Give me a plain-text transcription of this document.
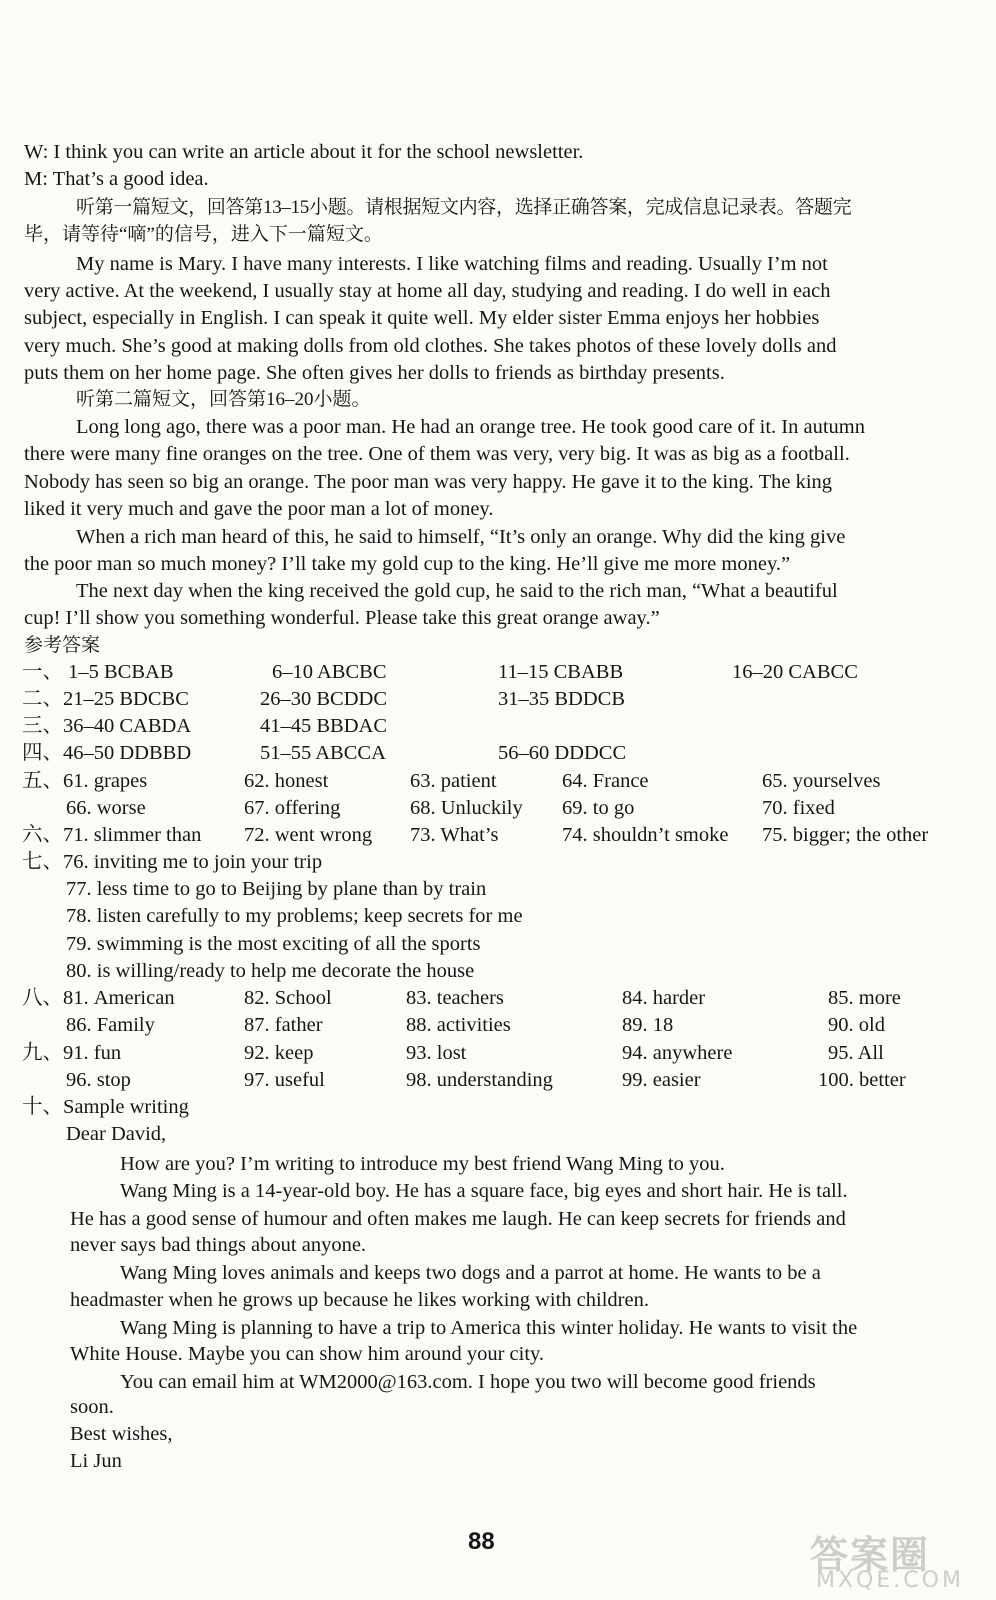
W: I think you can write an article about it for the school newsletter.
M: That’s a good idea.
听第一篇短文，回答第13–15小题。请根据短文内容，选择正确答案，完成信息记录表。答题完
毕，请等待“嘀”的信号，进入下一篇短文。
My name is Mary. I have many interests. I like watching films and reading. Usually I’m not
very active. At the weekend, I usually stay at home all day, studying and reading. I do well in each
subject, especially in English. I can speak it quite well. My elder sister Emma enjoys her hobbies
very much. She’s good at making dolls from old clothes. She takes photos of these lovely dolls and
puts them on her home page. She often gives her dolls to friends as birthday presents.
听第二篇短文，回答第16–20小题。
Long long ago, there was a poor man. He had an orange tree. He took good care of it. In autumn
there were many fine oranges on the tree. One of them was very, very big. It was as big as a football.
Nobody has seen so big an orange. The poor man was very happy. He gave it to the king. The king
liked it very much and gave the poor man a lot of money.
When a rich man heard of this, he said to himself, “It’s only an orange. Why did the king give
the poor man so much money? I’ll take my gold cup to the king. He’ll give me more money.”
The next day when the king received the gold cup, he said to the rich man, “What a beautiful
cup! I’ll show you something wonderful. Please take this great orange away.”
参考答案
一、 1–5 BCBAB	6–10 ABCBC	11–15 CBABB	16–20 CABCC
二、21–25 BDCBC	26–30 BCDDC	31–35 BDDCB
三、36–40 CABDA	41–45 BBDAC
四、46–50 DDBBD	51–55 ABCCA	56–60 DDDCC
五、61. grapes	62. honest	63. patient	64. France	65. yourselves
66. worse	67. offering	68. Unluckily 69. to go	70. fixed
六、71. slimmer than 72. went wrong 73. What’s	74. shouldn’t smoke 75. bigger; the other
七、76. inviting me to join your trip
77. less time to go to Beijing by plane than by train
78. listen carefully to my problems; keep secrets for me
79. swimming is the most exciting of all the sports
80. is willing/ready to help me decorate the house
八、81. American	82. School	83. teachers	84. harder	85. more
86. Family	87. father	88. activities	89. 18	90. old
九、91. fun	92. keep	93. lost	94. anywhere	95. All
96. stop	97. useful	98. understanding	99. easier	100. better
十、Sample writing
Dear David,
How are you? I’m writing to introduce my best friend Wang Ming to you.
Wang Ming is a 14-year-old boy. He has a square face, big eyes and short hair. He is tall.
He has a good sense of humour and often makes me laugh. He can keep secrets for friends and
never says bad things about anyone.
Wang Ming loves animals and keeps two dogs and a parrot at home. He wants to be a
headmaster when he grows up because he likes working with children.
Wang Ming is planning to have a trip to America this winter holiday. He wants to visit the
White House. Maybe you can show him around your city.
You can email him at WM2000@163.com. I hope you two will become good friends
soon.
Best wishes,
Li Jun
88	答案圈
MXQE.COM
